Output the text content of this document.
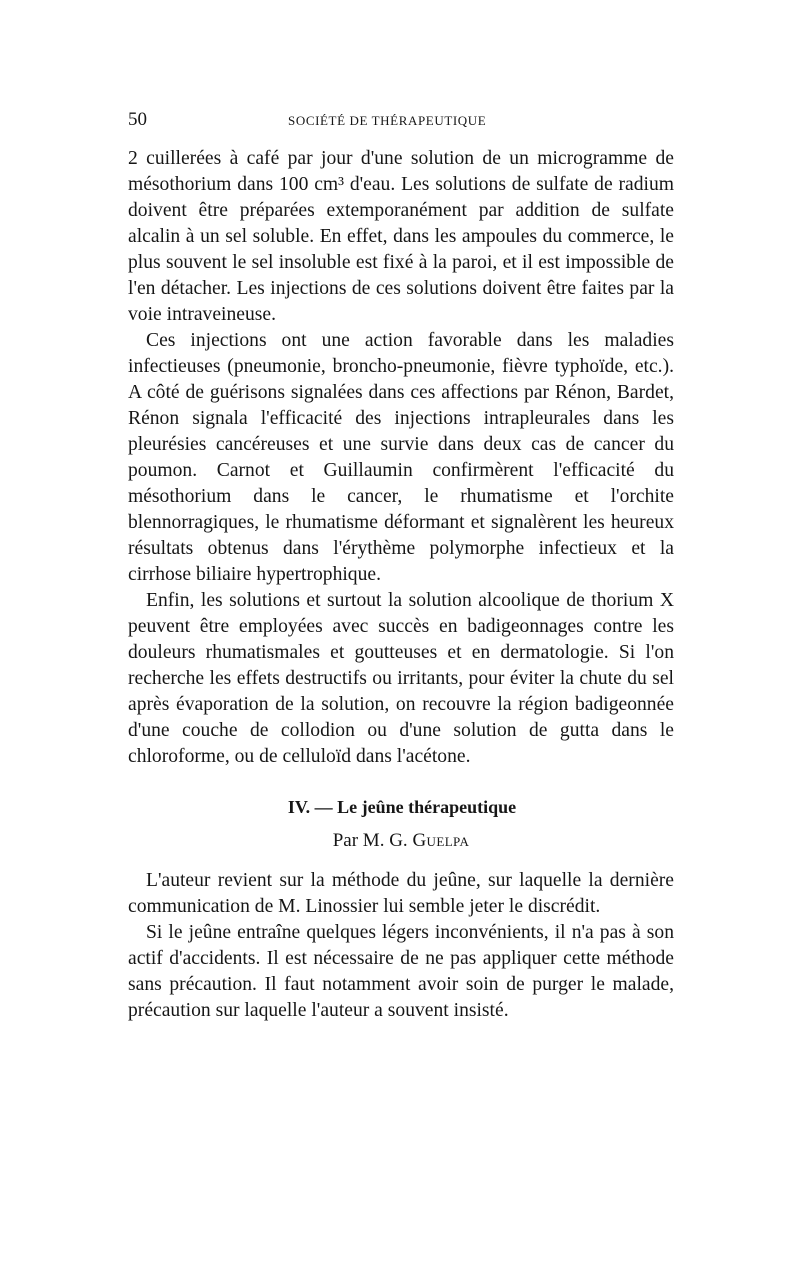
50	SOCIÉTÉ DE THÉRAPEUTIQUE

2 cuillerées à café par jour d'une solution de un microgramme de mésothorium dans 100 cm³ d'eau. Les solutions de sulfate de radium doivent être préparées extemporanément par addition de sulfate alcalin à un sel soluble. En effet, dans les ampoules du commerce, le plus souvent le sel insoluble est fixé à la paroi, et il est impossible de l'en détacher. Les injections de ces solutions doivent être faites par la voie intraveineuse.

Ces injections ont une action favorable dans les maladies infectieuses (pneumonie, broncho-pneumonie, fièvre typhoïde, etc.). A côté de guérisons signalées dans ces affections par Rénon, Bardet, Rénon signala l'efficacité des injections intrapleurales dans les pleurésies cancéreuses et une survie dans deux cas de cancer du poumon. Carnot et Guillaumin confirmèrent l'efficacité du mésothorium dans le cancer, le rhumatisme et l'orchite blennorragiques, le rhumatisme déformant et signalèrent les heureux résultats obtenus dans l'érythème polymorphe infectieux et la cirrhose biliaire hypertrophique.

Enfin, les solutions et surtout la solution alcoolique de thorium X peuvent être employées avec succès en badigeonnages contre les douleurs rhumatismales et goutteuses et en dermatologie. Si l'on recherche les effets destructifs ou irritants, pour éviter la chute du sel après évaporation de la solution, on recouvre la région badigeonnée d'une couche de collodion ou d'une solution de gutta dans le chloroforme, ou de celluloïd dans l'acétone.

IV. — Le jeûne thérapeutique
Par M. G. Guelpa

L'auteur revient sur la méthode du jeûne, sur laquelle la dernière communication de M. Linossier lui semble jeter le discrédit.

Si le jeûne entraîne quelques légers inconvénients, il n'a pas à son actif d'accidents. Il est nécessaire de ne pas appliquer cette méthode sans précaution. Il faut notamment avoir soin de purger le malade, précaution sur laquelle l'auteur a souvent insisté.
